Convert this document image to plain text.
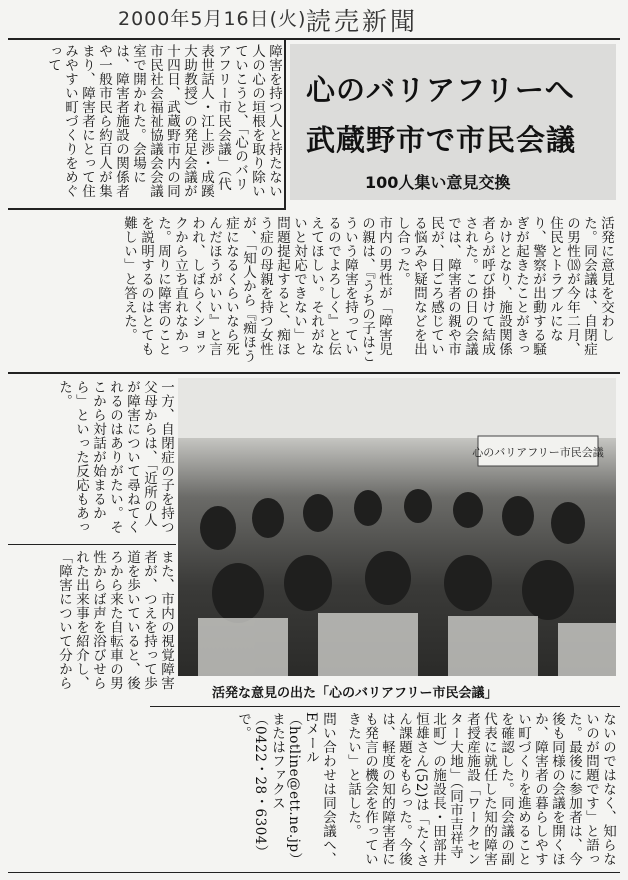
2000年5月16日(火) 読売新聞
心のバリアフリーへ
武蔵野市で市民会議
100人集い意見交換
障害を持つ人と持たない人の心の垣根を取り除いていこうと、「心のバリアフリー市民会議」（代表世話人・江上渉・成蹊大助教授）の発足会議が十四日、武蔵野市内の同市民社会福祉協議会会議室で開かれた。会場には、障害者施設の関係者や一般市民ら約百人が集まり、障害者にとって住みやすい町づくりをめぐって
活発に意見を交わした。同会議は、自閉症の男性⒅が今年二月、住民とトラブルになり、警察が出動する騒ぎが起きたことがきっかけとなり、施設関係者らが呼び掛けて結成された。この日の会議では、障害者の親や市民が、日ごろ感じている悩みや疑問などを出し合った。
市内の男性が「障害児の親は、『うちの子はこういう障害を持っているのでよろしく』と伝えてほしい。それがないと対応できない」と問題提起すると、痴ほう症の母親を持つ女性が、「知人から『痴ほう症になるくらいなら死んだほうがいい』と言われ、しばらくショックから立ち直れなかった。周りに障害のことを説明するのはとても難しい」と答えた。
一方、自閉症の子を持つ父母からは、「近所の人が障害について尋ねてくれるのはありがたい。そこから対話が始まるから」といった反応もあった。
また、市内の視覚障害者が、つえを持って歩道を歩いていると、後ろから来た自転車の男性からば声を浴びせられた出来事を紹介し、「障害について分から
心のバリアフリー市民会議
活発な意見の出た「心のバリアフリー市民会議」
ないのではなく、知らないのが問題です」と語った。最後に参加者は、今後も同様の会議を開くほか、障害者の暮らしやすい町づくりを進めることを確認した。同会議の副代表に就任した知的障害者授産施設「ワークセンター大地」（同市吉祥寺北町）の施設長・田部井恒雄さん(52)は「たくさん課題をもらった。今後は、軽度の知的障害者にも発言の機会を作っていきたい」と話した。
問い合わせは同会議へ、Eメール（hotline@ett.ne.jp）またはファクス（0422・28・6304）で。
